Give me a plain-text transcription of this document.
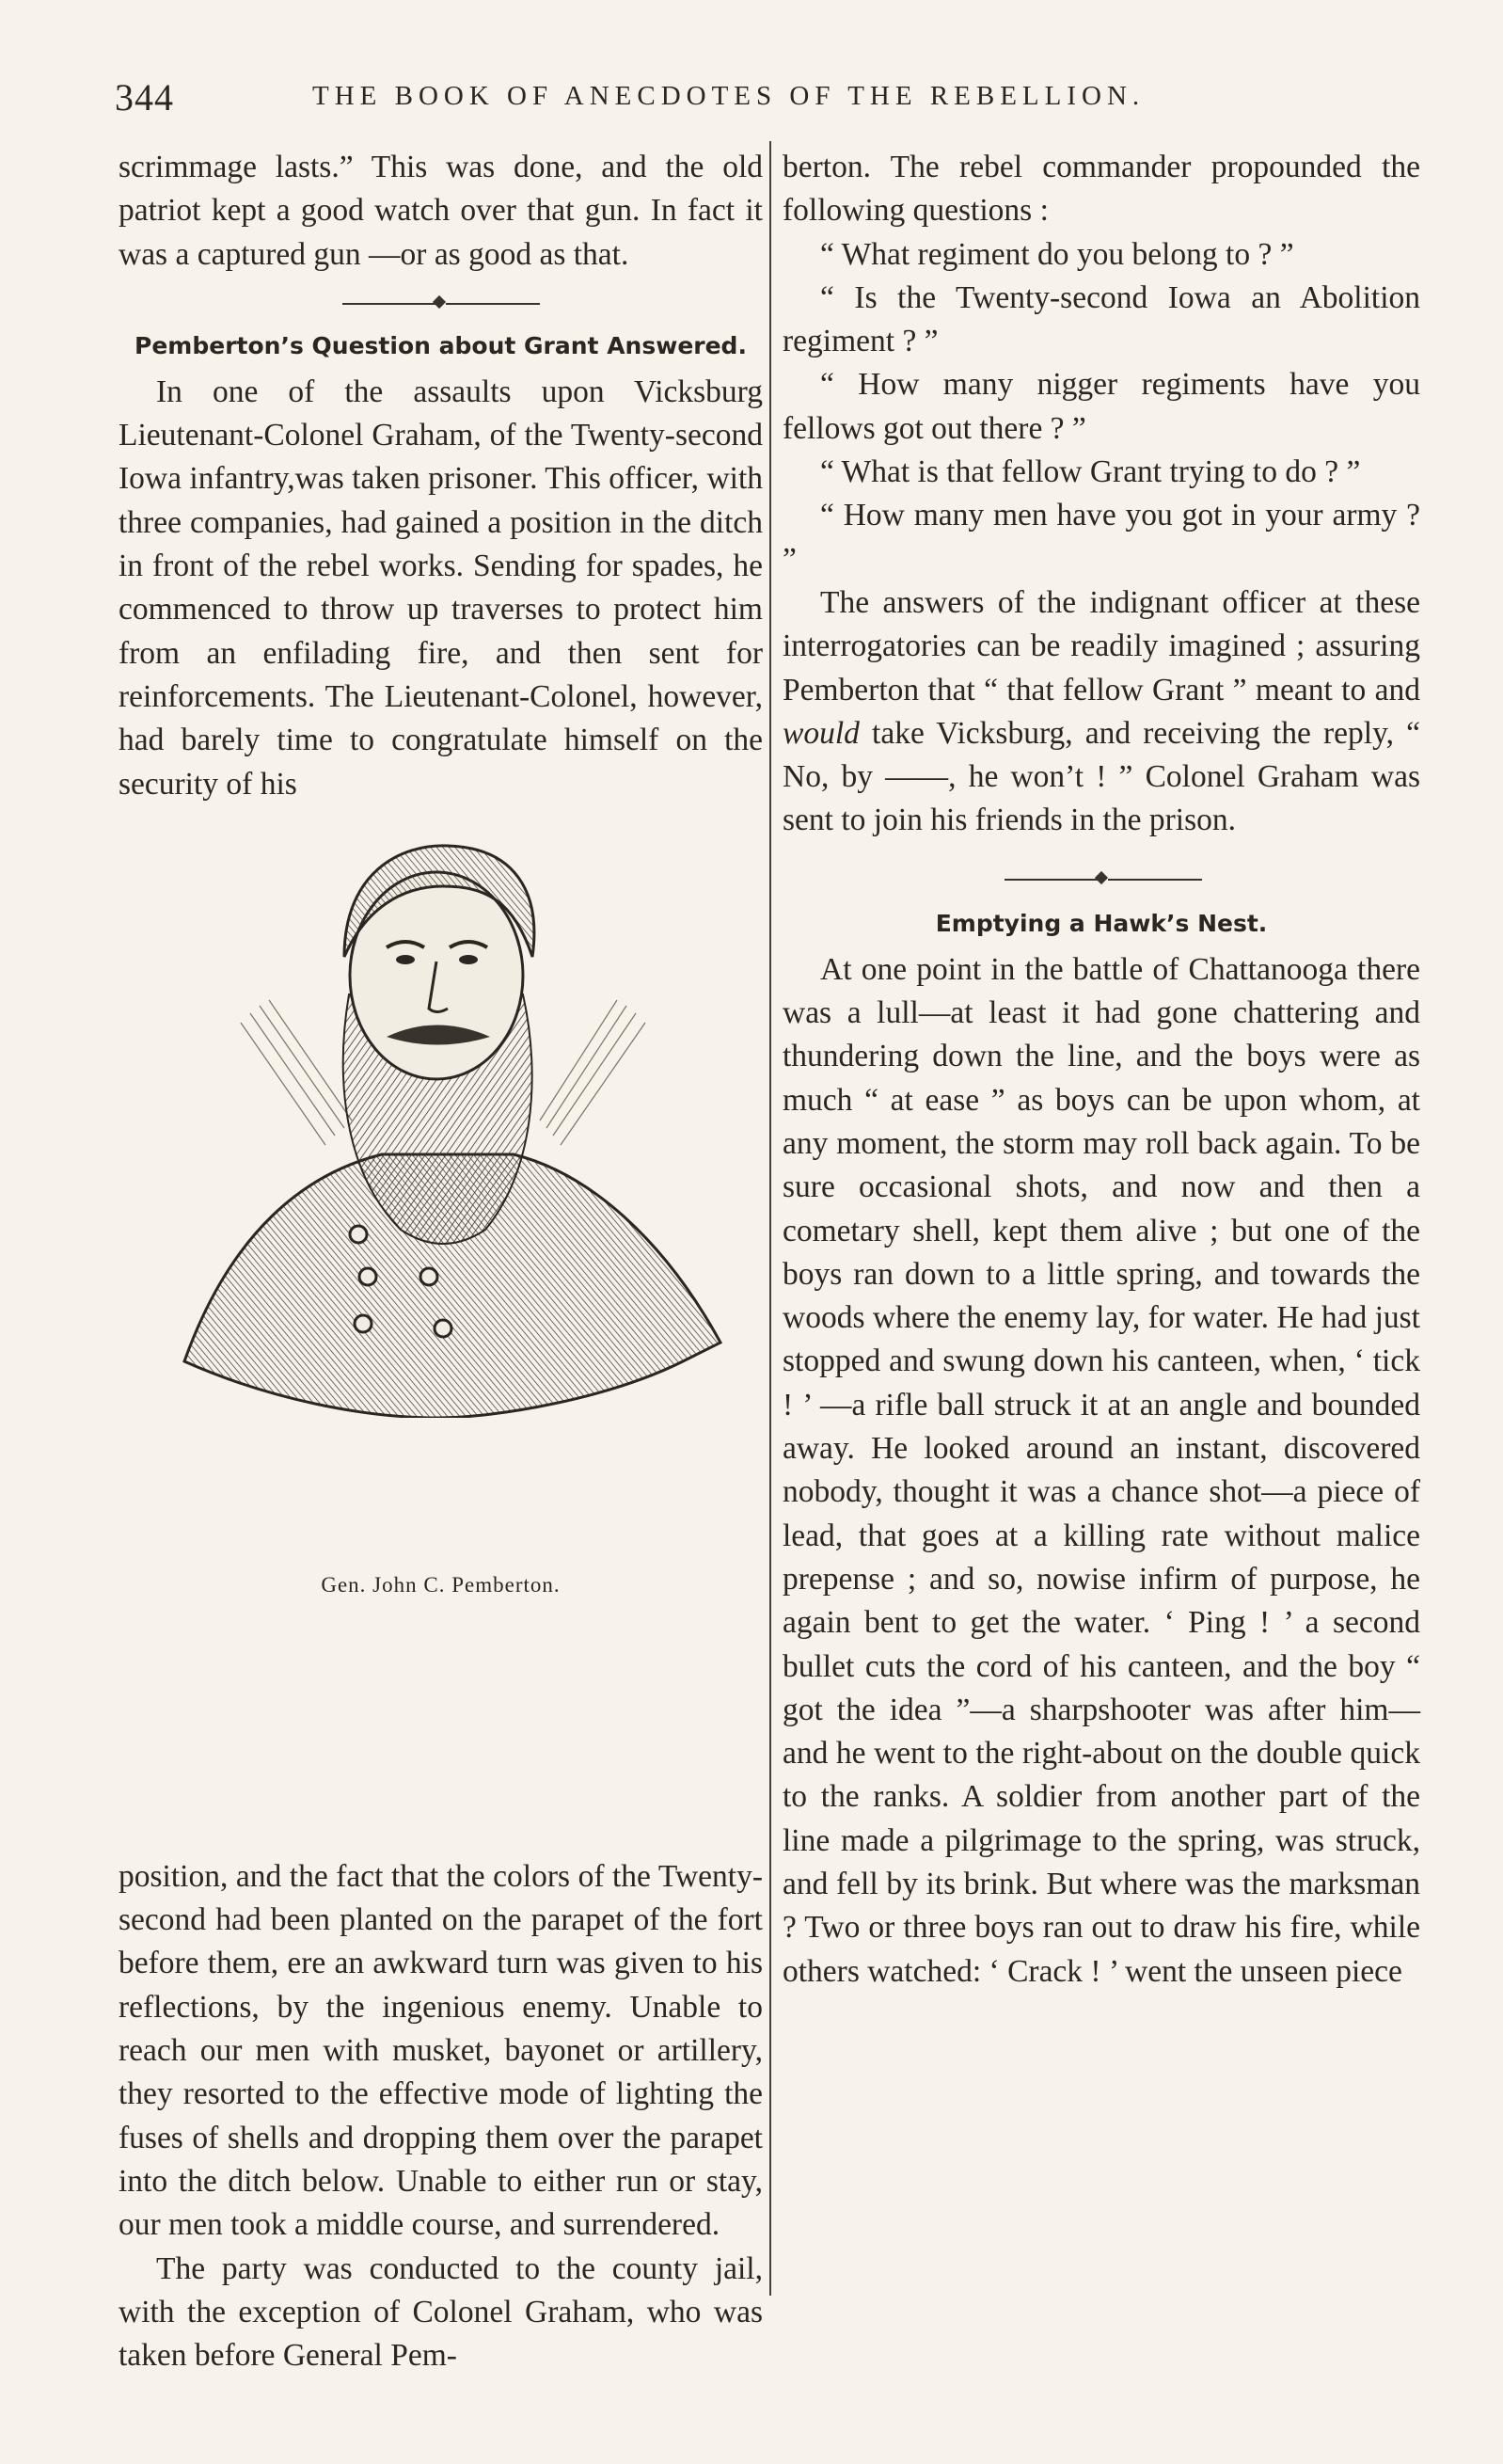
344	THE BOOK OF ANECDOTES OF THE REBELLION.

scrimmage lasts.” This was done, and the old patriot kept a good watch over that gun. In fact it was a captured gun —or as good as that.

Pemberton’s Question about Grant Answered.

In one of the assaults upon Vicksburg Lieutenant-Colonel Graham, of the Twenty-second Iowa infantry,was taken prisoner. This officer, with three companies, had gained a position in the ditch in front of the rebel works. Sending for spades, he commenced to throw up traverses to protect him from an enfilading fire, and then sent for reinforcements. The Lieutenant-Colonel, however, had barely time to congratulate himself on the security of his

position, and the fact that the colors of the Twenty-second had been planted on the parapet of the fort before them, ere an awkward turn was given to his reflections, by the ingenious enemy. Unable to reach our men with musket, bayonet or artillery, they resorted to the effective mode of lighting the fuses of shells and dropping them over the parapet into the ditch below. Unable to either run or stay, our men took a middle course, and surrendered.

The party was conducted to the county jail, with the exception of Colonel Graham, who was taken before General Pem-

Gen. John C. Pemberton.

berton. The rebel commander propounded the following questions :

“ What regiment do you belong to ? ”

“ Is the Twenty-second Iowa an Abolition regiment ? ”

“ How many nigger regiments have you fellows got out there ? ”

“ What is that fellow Grant trying to do ? ”

“ How many men have you got in your army ? ”

The answers of the indignant officer at these interrogatories can be readily imagined ; assuring Pemberton that “ that fellow Grant ” meant to and would take Vicksburg, and receiving the reply, “ No, by ——, he won’t ! ” Colonel Graham was sent to join his friends in the prison.

Emptying a Hawk’s Nest.

At one point in the battle of Chattanooga there was a lull—at least it had gone chattering and thundering down the line, and the boys were as much “ at ease ” as boys can be upon whom, at any moment, the storm may roll back again. To be sure occasional shots, and now and then a cometary shell, kept them alive ; but one of the boys ran down to a little spring, and towards the woods where the enemy lay, for water. He had just stopped and swung down his canteen, when, ‘ tick ! ’ —a rifle ball struck it at an angle and bounded away. He looked around an instant, discovered nobody, thought it was a chance shot—a piece of lead, that goes at a killing rate without malice prepense ; and so, nowise infirm of purpose, he again bent to get the water. ‘ Ping ! ’ a second bullet cuts the cord of his canteen, and the boy “ got the idea ”—a sharpshooter was after him—and he went to the right-about on the double quick to the ranks. A soldier from another part of the line made a pilgrimage to the spring, was struck, and fell by its brink. But where was the marksman ? Two or three boys ran out to draw his fire, while others watched: ‘ Crack ! ’ went the unseen piece
